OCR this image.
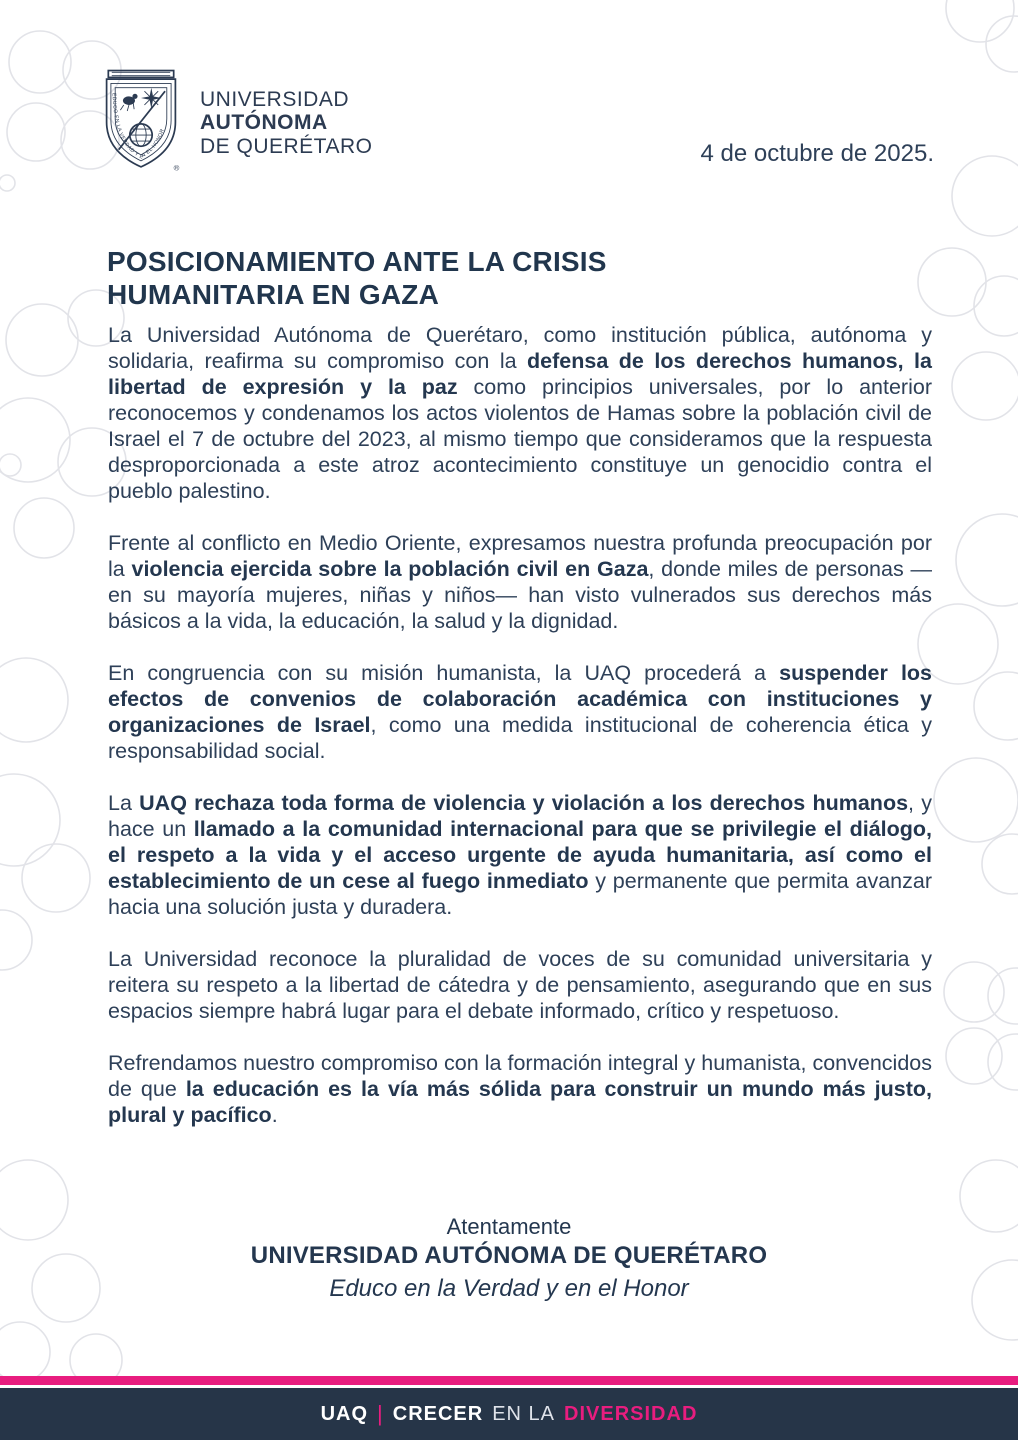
EDUCO EN LA VERDAD Y EN EL HONOR
®
UNIVERSIDAD
AUTÓNOMA
DE QUERÉTARO	4 de octubre de 2025.
POSICIONAMIENTO ANTE LA CRISIS
HUMANITARIA EN GAZA

La Universidad Autónoma de Querétaro, como institución pública, autónoma y solidaria, reafirma su compromiso con la defensa de los derechos humanos, la libertad de expresión y la paz como principios universales, por lo anterior reconocemos y condenamos los actos violentos de Hamas sobre la población civil de Israel el 7 de octubre del 2023, al mismo tiempo que consideramos que la respuesta desproporcionada a este atroz acontecimiento constituye un genocidio contra el pueblo palestino.

Frente al conflicto en Medio Oriente, expresamos nuestra profunda preocupación por la violencia ejercida sobre la población civil en Gaza, donde miles de personas —en su mayoría mujeres, niñas y niños— han visto vulnerados sus derechos más básicos a la vida, la educación, la salud y la dignidad.

En congruencia con su misión humanista, la UAQ procederá a suspender los efectos de convenios de colaboración académica con instituciones y organizaciones de Israel, como una medida institucional de coherencia ética y responsabilidad social.

La UAQ rechaza toda forma de violencia y violación a los derechos humanos, y hace un llamado a la comunidad internacional para que se privilegie el diálogo, el respeto a la vida y el acceso urgente de ayuda humanitaria, así como el establecimiento de un cese al fuego inmediato y permanente que permita avanzar hacia una solución justa y duradera.

La Universidad reconoce la pluralidad de voces de su comunidad universitaria y reitera su respeto a la libertad de cátedra y de pensamiento, asegurando que en sus espacios siempre habrá lugar para el debate informado, crítico y respetuoso.

Refrendamos nuestro compromiso con la formación integral y humanista, convencidos de que la educación es la vía más sólida para construir un mundo más justo, plural y pacífico.

Atentamente
UNIVERSIDAD AUTÓNOMA DE QUERÉTARO
Educo en la Verdad y en el Honor
UAQ | CRECER EN LA DIVERSIDAD
